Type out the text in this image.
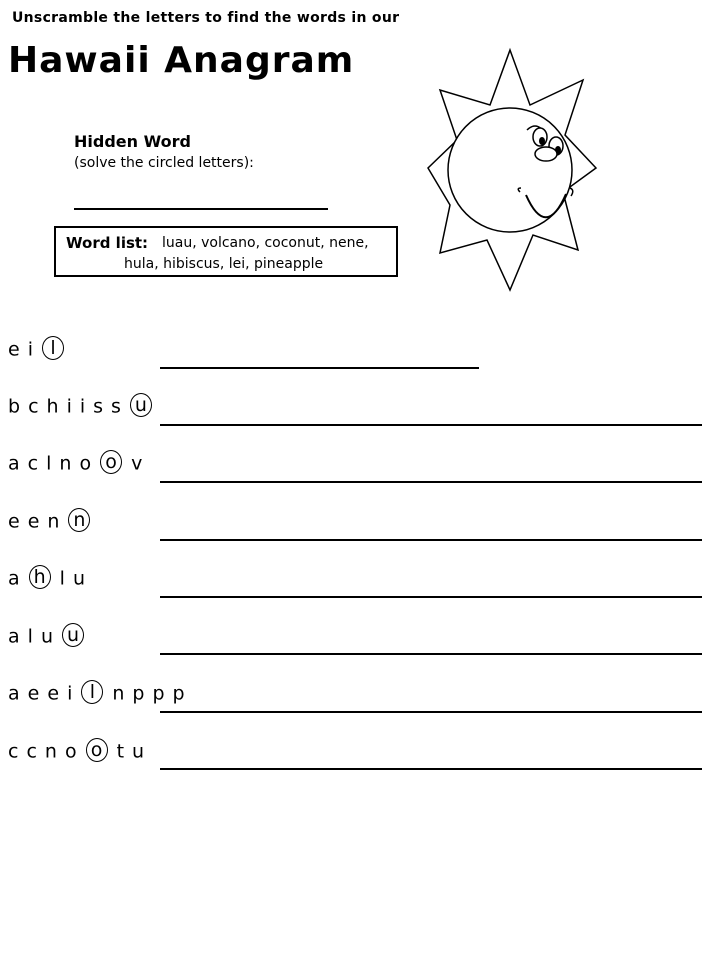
Unscramble the letters to find the words in our
Hawaii Anagram
Hidden Word
(solve the circled letters):
Word list: luau, volcano, coconut, nene,
hula, hibiscus, lei, pineapple
e i l
b c h i i s s u
a c l n o o v
e e n n
a h l u
a l u u
a e e i l n p p p
c c n o o t u
